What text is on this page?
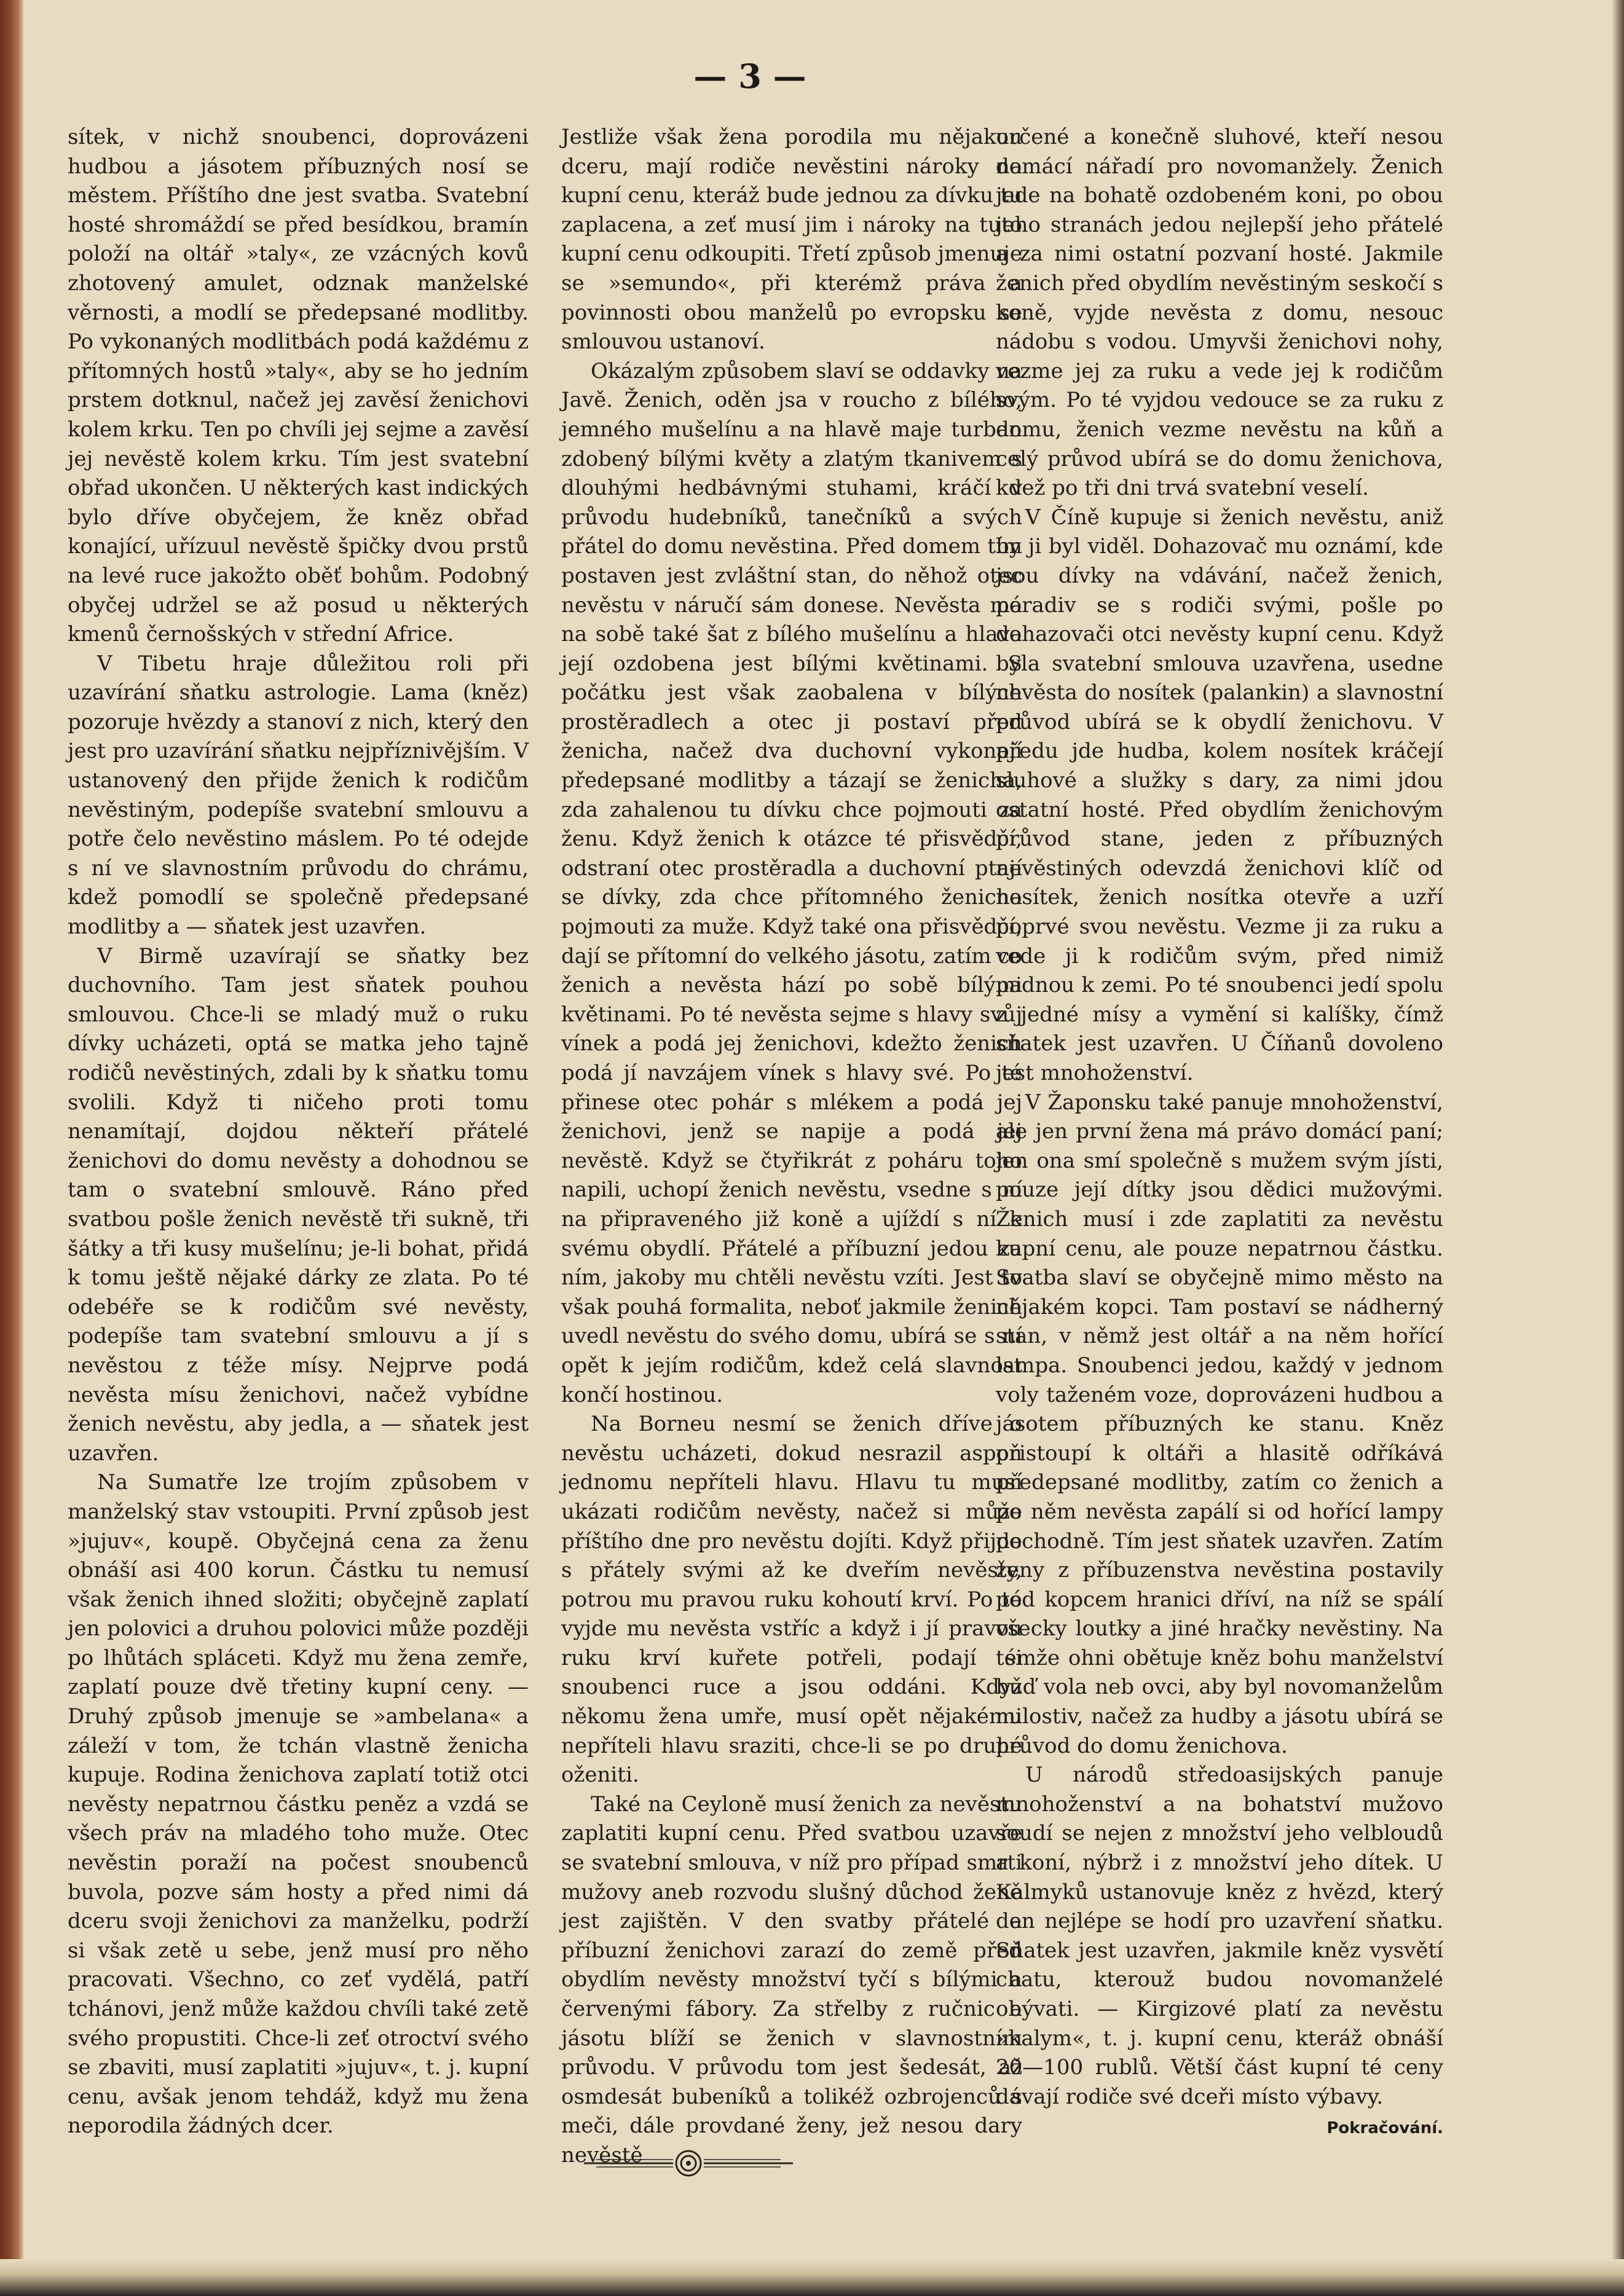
— 3 —

sítek, v nichž snoubenci, doprovázeni hudbou a jásotem příbuzných nosí se městem. Příštího dne jest svatba. Svatební hosté shromáždí se před besídkou, bramín položí na oltář »taly«, ze vzácných kovů zhotovený amulet, odznak manželské věrnosti, a modlí se předepsané modlitby. Po vykonaných modlitbách podá každému z přítomných hostů »taly«, aby se ho jedním prstem dotknul, načež jej zavěsí ženichovi kolem krku. Ten po chvíli jej sejme a zavěsí jej nevěstě kolem krku. Tím jest svatební obřad ukončen. U některých kast indických bylo dříve obyčejem, že kněz obřad konající, uřízuul nevěstě špičky dvou prstů na levé ruce jakožto oběť bohům. Podobný obyčej udržel se až posud u některých kmenů černošských v střední Africe.

V Tibetu hraje důležitou roli při uzavírání sňatku astrologie. Lama (kněz) pozoruje hvězdy a stanoví z nich, který den jest pro uzavírání sňatku nejpříznivějším. V ustanovený den přijde ženich k rodičům nevěstiným, podepíše svatební smlouvu a potře čelo nevěstino máslem. Po té odejde s ní ve slavnostním průvodu do chrámu, kdež pomodlí se společně předepsané modlitby a — sňatek jest uzavřen.

V Birmě uzavírají se sňatky bez duchovního. Tam jest sňatek pouhou smlouvou. Chce-li se mladý muž o ruku dívky ucházeti, optá se matka jeho tajně rodičů nevěstiných, zdali by k sňatku tomu svolili. Když ti ničeho proti tomu nenamítají, dojdou někteří přátelé ženichovi do domu nevěsty a dohodnou se tam o svatební smlouvě. Ráno před svatbou pošle ženich nevěstě tři sukně, tři šátky a tři kusy mušelínu; je-li bohat, přidá k tomu ještě nějaké dárky ze zlata. Po té odebéře se k rodičům své nevěsty, podepíše tam svatební smlouvu a jí s nevěstou z téže mísy. Nejprve podá nevěsta mísu ženichovi, načež vybídne ženich nevěstu, aby jedla, a — sňatek jest uzavřen.

Na Sumatře lze trojím způsobem v manželský stav vstoupiti. První způsob jest »jujuv«, koupě. Obyčejná cena za ženu obnáší asi 400 korun. Částku tu nemusí však ženich ihned složiti; obyčejně zaplatí jen polovici a druhou polovici může později po lhůtách spláceti. Když mu žena zemře, zaplatí pouze dvě třetiny kupní ceny. — Druhý způsob jmenuje se »ambelana« a záleží v tom, že tchán vlastně ženicha kupuje. Rodina ženichova zaplatí totiž otci nevěsty nepatrnou částku peněz a vzdá se všech práv na mladého toho muže. Otec nevěstin poraží na počest snoubenců buvola, pozve sám hosty a před nimi dá dceru svoji ženichovi za manželku, podrží si však zetě u sebe, jenž musí pro něho pracovati. Všechno, co zeť vydělá, patří tchánovi, jenž může každou chvíli také zetě svého propustiti. Chce-li zeť otroctví svého se zbaviti, musí zaplatiti »jujuv«, t. j. kupní cenu, avšak jenom tehdáž, když mu žena neporodila žádných dcer.

Jestliže však žena porodila mu nějakou dceru, mají rodiče nevěstini nároky na kupní cenu, kteráž bude jednou za dívku tu zaplacena, a zeť musí jim i nároky na tuto kupní cenu odkoupiti. Třetí způsob jmenuje se »semundo«, při kterémž práva a povinnosti obou manželů po evropsku se smlouvou ustanoví.

Okázalým způsobem slaví se oddavky na Javě. Ženich, oděn jsa v roucho z bílého, jemného mušelínu a na hlavě maje turban zdobený bílými květy a zlatým tkanivem s dlouhými hedbávnými stuhami, kráčí v průvodu hudebníků, tanečníků a svých přátel do domu nevěstina. Před domem tím postaven jest zvláštní stan, do něhož otec nevěstu v náručí sám donese. Nevěsta má na sobě také šat z bílého mušelínu a hlava její ozdobena jest bílými květinami. S počátku jest však zaobalena v bílých prostěradlech a otec ji postaví před ženicha, načež dva duchovní vykonají předepsané modlitby a tázají se ženicha, zda zahalenou tu dívku chce pojmouti za ženu. Když ženich k otázce té přisvědčí, odstraní otec prostěradla a duchovní ptají se dívky, zda chce přítomného ženicha pojmouti za muže. Když také ona přisvědčí, dají se přítomní do velkého jásotu, zatím co ženich a nevěsta hází po sobě bílými květinami. Po té nevěsta sejme s hlavy svůj vínek a podá jej ženichovi, kdežto ženich podá jí navzájem vínek s hlavy své. Po té přinese otec pohár s mlékem a podá jej ženichovi, jenž se napije a podá jej nevěstě. Když se čtyřikrát z poháru toho napili, uchopí ženich nevěstu, vsedne s ní na připraveného již koně a ujíždí s ní k svému obydlí. Přátelé a příbuzní jedou za ním, jakoby mu chtěli nevěstu vzíti. Jest to však pouhá formalita, neboť jakmile ženich uvedl nevěstu do svého domu, ubírá se s ní opět k jejím rodičům, kdež celá slavnost končí hostinou.

Na Borneu nesmí se ženich dříve o nevěstu ucházeti, dokud nesrazil aspoň jednomu nepříteli hlavu. Hlavu tu musí ukázati rodičům nevěsty, načež si může příštího dne pro nevěstu dojíti. Když přijde s přátely svými až ke dveřím nevěsty, potrou mu pravou ruku kohoutí krví. Po té vyjde mu nevěsta vstříc a když i jí pravou ruku krví kuřete potřeli, podají si snoubenci ruce a jsou oddáni. Když někomu žena umře, musí opět nějakému nepříteli hlavu sraziti, chce-li se po druhé oženiti.

Také na Ceyloně musí ženich za nevěstu zaplatiti kupní cenu. Před svatbou uzavře se svatební smlouva, v níž pro případ smrti mužovy aneb rozvodu slušný důchod ženě jest zajištěn. V den svatby přátelé a příbuzní ženichovi zarazí do země před obydlím nevěsty množství tyčí s bílými a červenými fábory. Za střelby z ručnic a jásotu blíží se ženich v slavnostním průvodu. V průvodu tom jest šedesát, až osmdesát bubeníků a tolikéž ozbrojenců s meči, dále provdané ženy, jež nesou dary nevěstě

určené a konečně sluhové, kteří nesou domácí nářadí pro novomanžely. Ženich jede na bohatě ozdobeném koni, po obou jeho stranách jedou nejlepší jeho přátelé a za nimi ostatní pozvaní hosté. Jakmile ženich před obydlím nevěstiným seskočí s koně, vyjde nevěsta z domu, nesouc nádobu s vodou. Umyvši ženichovi nohy, vezme jej za ruku a vede jej k rodičům svým. Po té vyjdou vedouce se za ruku z domu, ženich vezme nevěstu na kůň a celý průvod ubírá se do domu ženichova, kdež po tři dni trvá svatební veselí.

V Číně kupuje si ženich nevěstu, aniž by ji byl viděl. Dohazovač mu oznámí, kde jsou dívky na vdávání, načež ženich, poradiv se s rodiči svými, pošle po dohazovači otci nevěsty kupní cenu. Když byla svatební smlouva uzavřena, usedne nevěsta do nosítek (palankin) a slavnostní průvod ubírá se k obydlí ženichovu. V předu jde hudba, kolem nosítek kráčejí sluhové a služky s dary, za nimi jdou ostatní hosté. Před obydlím ženichovým průvod stane, jeden z příbuzných nevěstiných odevzdá ženichovi klíč od nosítek, ženich nosítka otevře a uzří poprvé svou nevěstu. Vezme ji za ruku a vede ji k rodičům svým, před nimiž padnou k zemi. Po té snoubenci jedí spolu z jedné mísy a vymění si kalíšky, čímž sňatek jest uzavřen. U Číňanů dovoleno jest mnohoženství.

V Žaponsku také panuje mnohoženství, ale jen první žena má právo domácí paní; jen ona smí společně s mužem svým jísti, pouze její dítky jsou dědici mužovými. Ženich musí i zde zaplatiti za nevěstu kupní cenu, ale pouze nepatrnou částku. Svatba slaví se obyčejně mimo město na nějakém kopci. Tam postaví se nádherný stan, v němž jest oltář a na něm hořící lampa. Snoubenci jedou, každý v jednom voly taženém voze, doprovázeni hudbou a jásotem příbuzných ke stanu. Kněz přistoupí k oltáři a hlasitě odříkává předepsané modlitby, zatím co ženich a po něm nevěsta zapálí si od hořící lampy pochodně. Tím jest sňatek uzavřen. Zatím ženy z příbuzenstva nevěstina postavily pod kopcem hranici dříví, na níž se spálí všecky loutky a jiné hračky nevěstiny. Na témže ohni obětuje kněz bohu manželství buď vola neb ovci, aby byl novomanželům milostiv, načež za hudby a jásotu ubírá se průvod do domu ženichova.

U národů středoasijských panuje mnohoženství a na bohatství mužovo soudí se nejen z množství jeho velbloudů a koní, nýbrž i z množství jeho dítek. U Kalmyků ustanovuje kněz z hvězd, který den nejlépe se hodí pro uzavření sňatku. Sňatek jest uzavřen, jakmile kněz vysvětí chatu, kterouž budou novomanželé obývati. — Kirgizové platí za nevěstu »kalym«, t. j. kupní cenu, kteráž obnáší 20—100 rublů. Větší část kupní té ceny dávají rodiče své dceři místo výbavy.

Pokračování.
